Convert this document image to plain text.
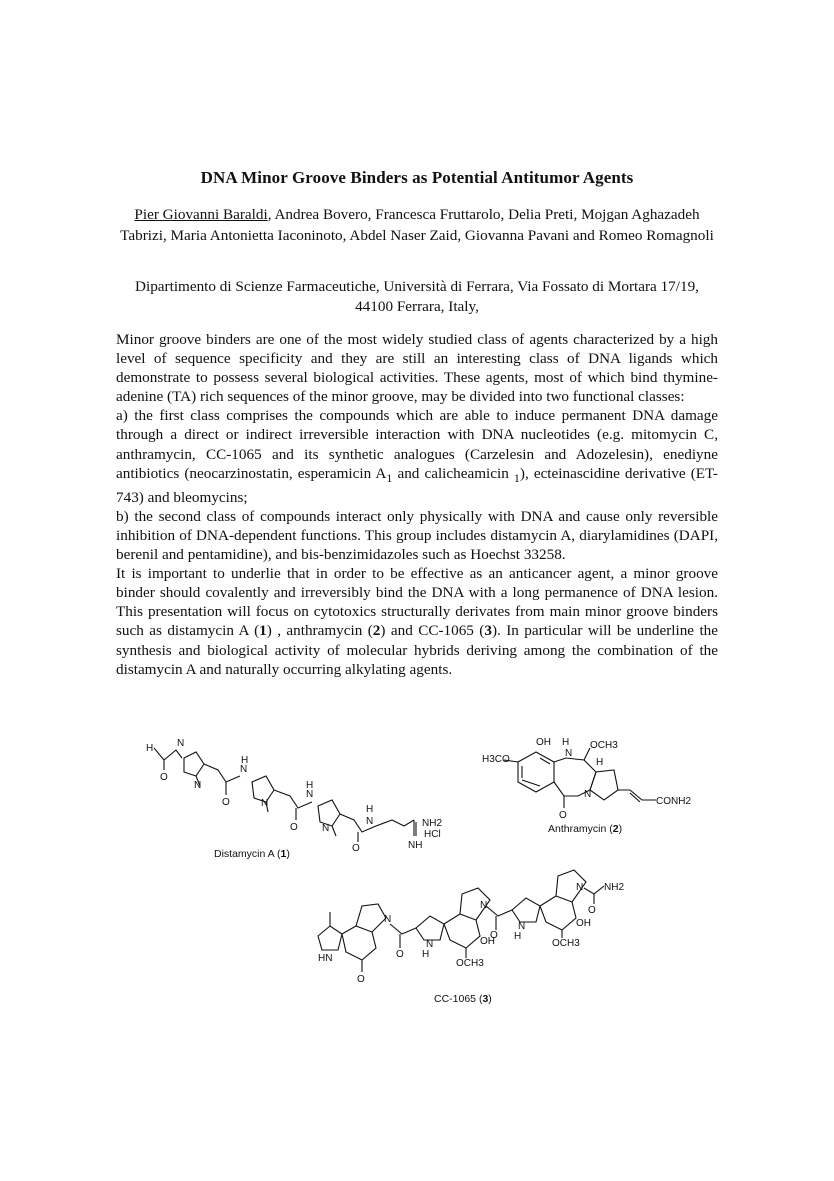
DNA Minor Groove Binders as Potential Antitumor Agents
Pier Giovanni Baraldi, Andrea Bovero, Francesca Fruttarolo, Delia Preti, Mojgan Aghazadeh Tabrizi, Maria Antonietta Iaconinoto, Abdel Naser Zaid, Giovanna Pavani and Romeo Romagnoli
Dipartimento di Scienze Farmaceutiche, Università di Ferrara, Via Fossato di Mortara 17/19, 44100 Ferrara, Italy,

Minor groove binders are one of the most widely studied class of agents characterized by a high level of sequence specificity and they are still an interesting class of DNA ligands which demonstrate to possess several biological activities. These agents, most of which bind thymine-adenine (TA) rich sequences of the minor groove, may be divided into two functional classes:

a) the first class comprises the compounds which are able to induce permanent DNA damage through a direct or indirect irreversible interaction with DNA nucleotides (e.g. mitomycin C, anthramycin, CC-1065 and its synthetic analogues (Carzelesin and Adozelesin), enediyne antibiotics (neocarzinostatin, esperamicin $A_1$ and calicheamicin $_1$), ecteinascidine derivative (ET-743) and bleomycins;

b) the second class of compounds interact only physically with DNA and cause only reversible inhibition of DNA-dependent functions. This group includes distamycin A, diarylamidines (DAPI, berenil and pentamidine), and bis-benzimidazoles such as Hoechst 33258.

It is important to underlie that in order to be effective as an anticancer agent, a minor groove binder should covalently and irreversibly bind the DNA with a long permanence of DNA lesion. This presentation will focus on cytotoxics structurally derivates from main minor groove binders such as distamycin A (1) , anthramycin (2) and CC-1065 (3). In particular will be underline the synthesis and biological activity of molecular hybrids deriving among the combination of the distamycin A and naturally occurring alkylating agents.

H N
O
N
O
N
H
N
O
N
H
N
O
H
N	NH2
HCl
NH
Distamycin A (1)
OH H OCH3
H3CO
N
H
O
N
CONH2
Anthramycin (2)
HN
O
N
O
N
H
OH
OCH3
N
O
N
H
OH
OCH3
N
O
NH2
CC-1065 (3)
